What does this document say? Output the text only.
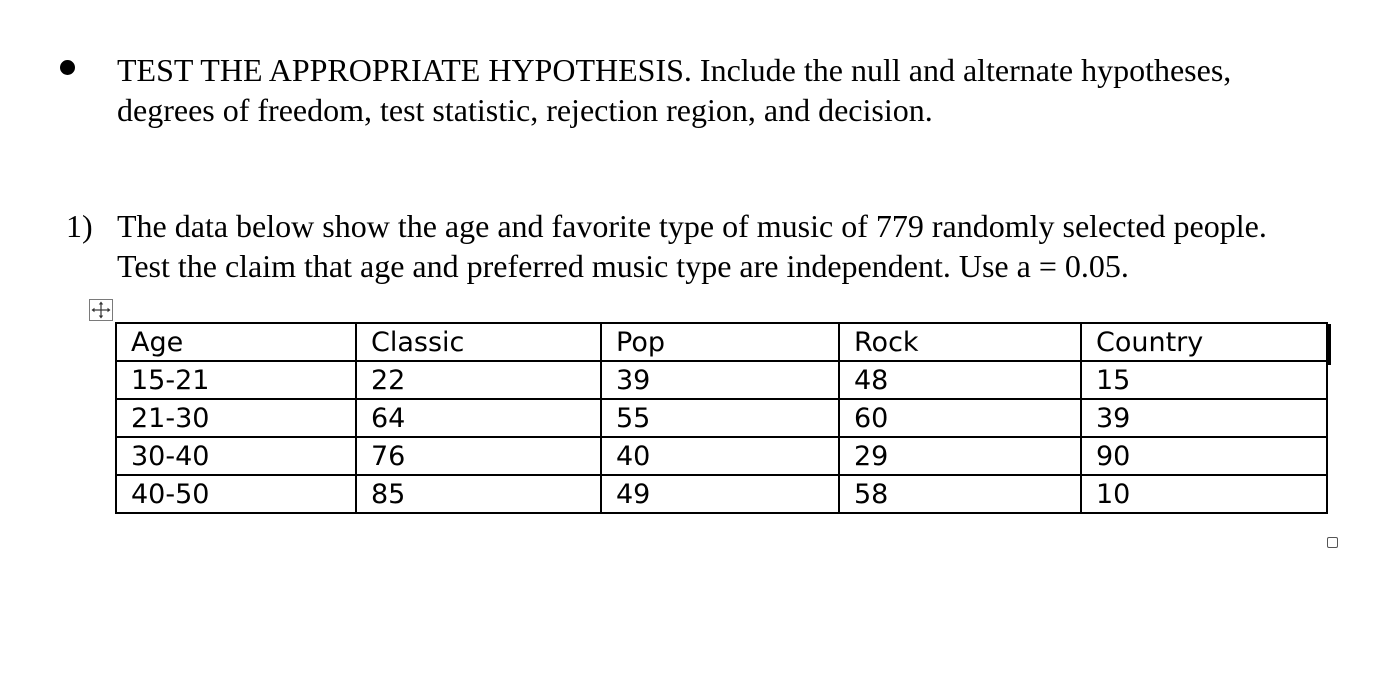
TEST THE APPROPRIATE HYPOTHESIS. Include the null and alternate hypotheses,
degrees of freedom, test statistic, rejection region, and decision.
1) The data below show the age and favorite type of music of 779 randomly selected people.
Test the claim that age and preferred music type are independent. Use a = 0.05.
Age	Classic	Pop	Rock	Country
15-21	22	39	48	15
21-30	64	55	60	39
30-40	76	40	29	90
40-50	85	49	58	10
